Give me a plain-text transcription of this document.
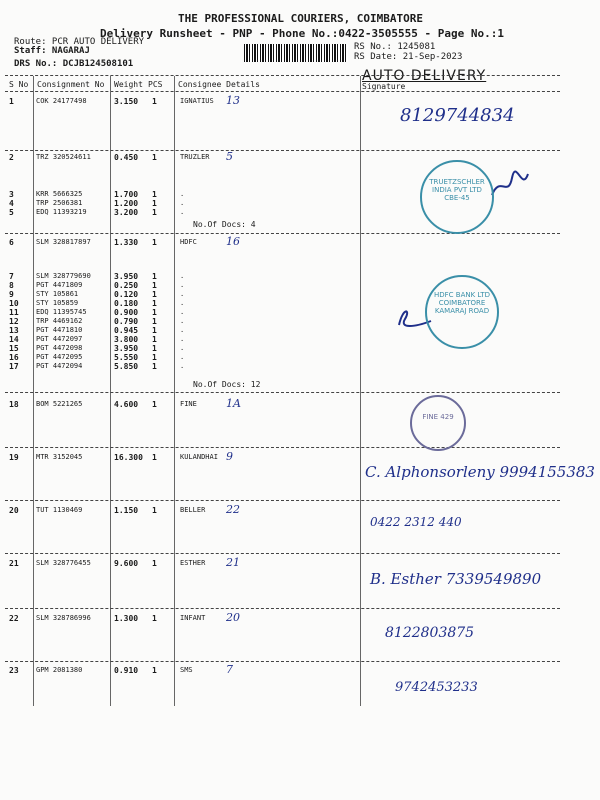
THE PROFESSIONAL COURIERS, COIMBATORE
Delivery Runsheet - PNP - Phone No.:0422-3505555 - Page No.:1
Route: PCR AUTO DELIVERY
Staff: NAGARAJ
DRS No.: DCJB124508101
RS No.: 1245081
RS Date: 21-Sep-2023
AUTO DELIVERY
S No Consignment No Weight PCS Consignee Details	Signature
1	COK 24177498	3.150 1	IGNATIUS 13
2	TRZ 320524611	0.450 1	TRUZLER 5
3	KRR 5666325	1.700 1	.
4	TRP 2506381	1.200 1	.
5	EDQ 11393219	3.200 1	.
6	SLM 328817897	1.330 1	HDFC	16
7	SLM 328779690	3.950 1	.
8	PGT 4471809	0.250 1	.
9	STY 105861	0.120 1	.
10 STY 105859	0.180 1	.
11 EDQ 11395745	0.900 1	.
12 TRP 4469162	0.790 1	.
13 PGT 4471810	0.945 1	.
14 PGT 4472097	3.800 1	.
15 PGT 4472098	3.950 1	.
16 PGT 4472095	5.550 1	.
17 PGT 4472094	5.850 1	.
18 BOM 5221265	4.600 1	FINE	1A
19 MTR 3152045	16.300 1	KULANDHAI 9
20 TUT 1130469	1.150 1	BELLER 22
21 SLM 328776455	9.600 1	ESTHER 21
22 SLM 328786996	1.300 1	INFANT 20
23 GPM 2081380	0.910 1	SMS	7
No.Of Docs: 4
No.Of Docs: 12
8129744834
C. Alphonsorleny 9994155383
0422 2312 440
B. Esther 7339549890
8122803875
9742453233
TRUETZSCHLER INDIA PVT LTD CBE-45
HDFC BANK LTD COIMBATORE KAMARAJ ROAD
FINE 429
